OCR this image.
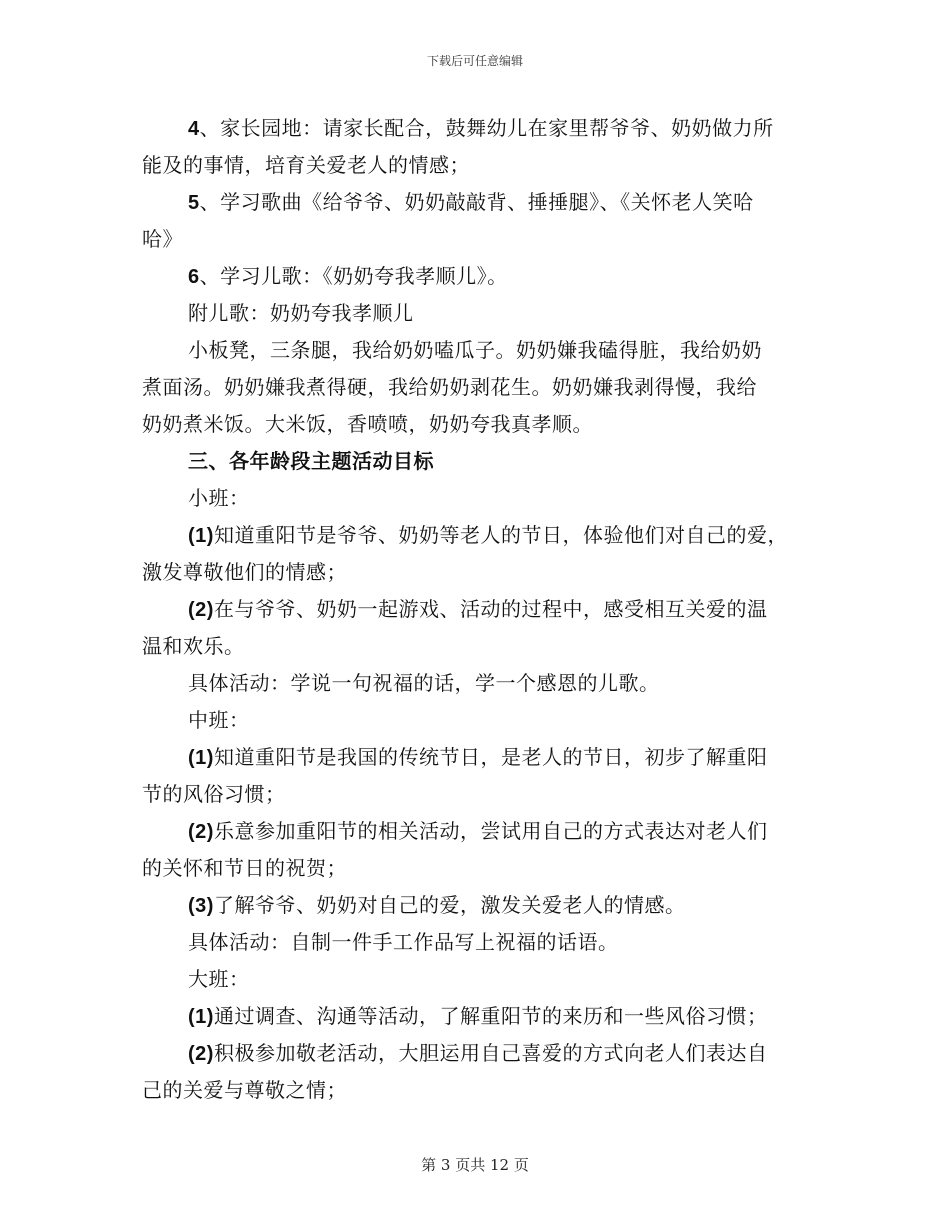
下载后可任意编辑
4、家长园地：请家长配合，鼓舞幼儿在家里帮爷爷、奶奶做力所
能及的事情，培育关爱老人的情感；
5、学习歌曲《给爷爷、奶奶敲敲背、捶捶腿》、《关怀老人笑哈
哈》
6、学习儿歌：《奶奶夸我孝顺儿》。
附儿歌：奶奶夸我孝顺儿
小板凳，三条腿，我给奶奶嗑瓜子。奶奶嫌我磕得脏，我给奶奶
煮面汤。奶奶嫌我煮得硬，我给奶奶剥花生。奶奶嫌我剥得慢，我给
奶奶煮米饭。大米饭，香喷喷，奶奶夸我真孝顺。
三、各年龄段主题活动目标
小班：
(1)知道重阳节是爷爷、奶奶等老人的节日，体验他们对自己的爱，
激发尊敬他们的情感；
(2)在与爷爷、奶奶一起游戏、活动的过程中，感受相互关爱的温
温和欢乐。
具体活动：学说一句祝福的话，学一个感恩的儿歌。
中班：
(1)知道重阳节是我国的传统节日，是老人的节日，初步了解重阳
节的风俗习惯；
(2)乐意参加重阳节的相关活动，尝试用自己的方式表达对老人们
的关怀和节日的祝贺；
(3)了解爷爷、奶奶对自己的爱，激发关爱老人的情感。
具体活动：自制一件手工作品写上祝福的话语。
大班：
(1)通过调查、沟通等活动，了解重阳节的来历和一些风俗习惯；
(2)积极参加敬老活动，大胆运用自己喜爱的方式向老人们表达自
己的关爱与尊敬之情；
第 3 页共 12 页
